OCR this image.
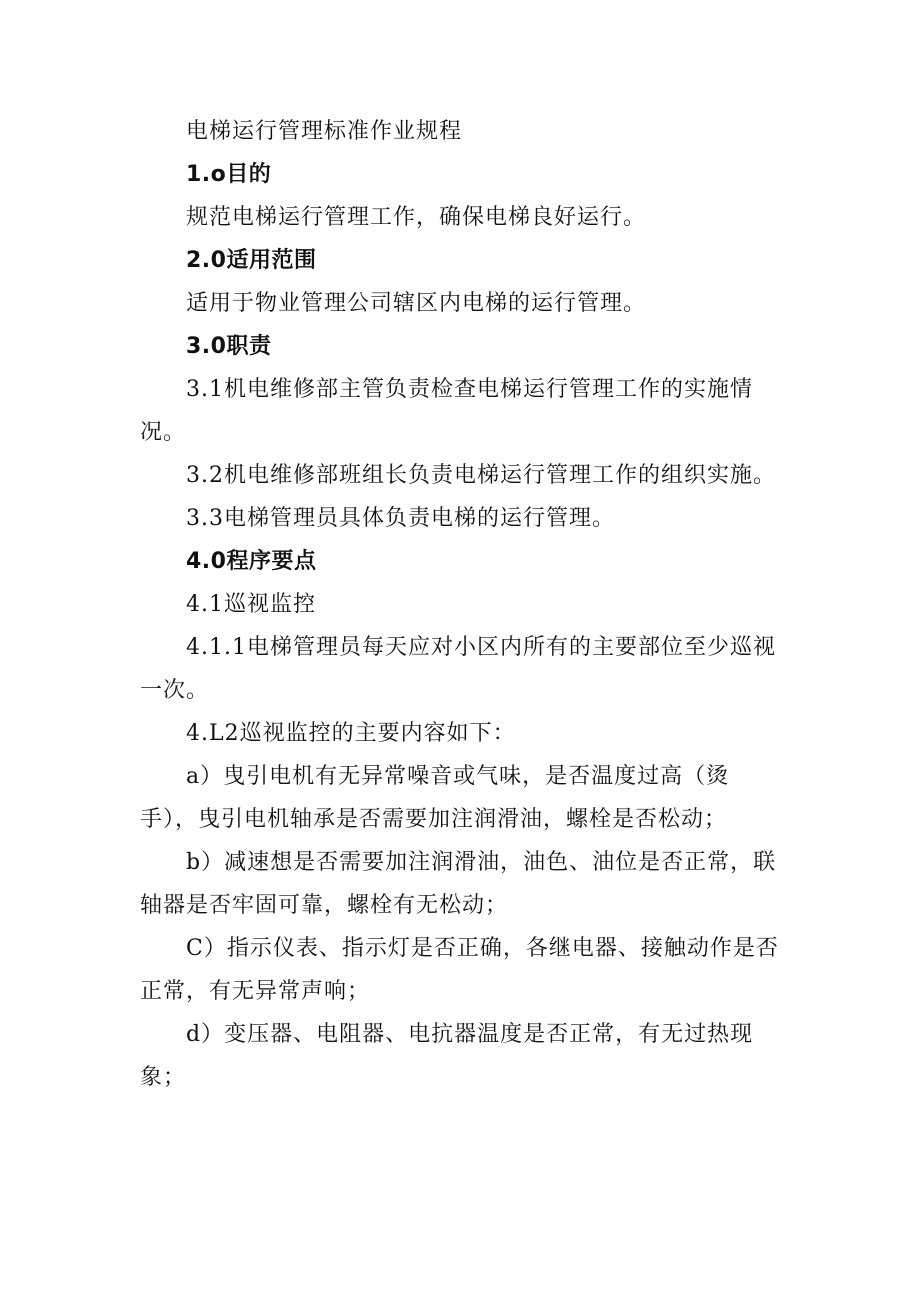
电梯运行管理标准作业规程

1.o目的

规范电梯运行管理工作，确保电梯良好运行。

2.0适用范围

适用于物业管理公司辖区内电梯的运行管理。

3.0职责

3.1机电维修部主管负责检查电梯运行管理工作的实施情况。

3.2机电维修部班组长负责电梯运行管理工作的组织实施。

3.3电梯管理员具体负责电梯的运行管理。

4.0程序要点

4.1巡视监控

4.1.1电梯管理员每天应对小区内所有的主要部位至少巡视一次。

4.L2巡视监控的主要内容如下：

a）曳引电机有无异常噪音或气味，是否温度过高（烫手），曳引电机轴承是否需要加注润滑油，螺栓是否松动；

b）减速想是否需要加注润滑油，油色、油位是否正常，联轴器是否牢固可靠，螺栓有无松动；

C）指示仪表、指示灯是否正确，各继电器、接触动作是否正常，有无异常声响；

d）变压器、电阻器、电抗器温度是否正常，有无过热现象；
